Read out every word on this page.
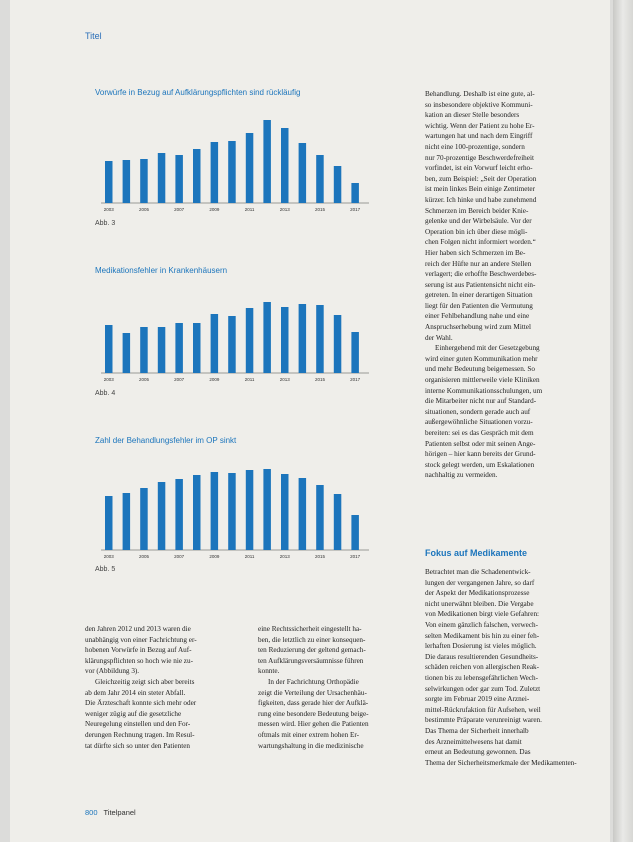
Titel
Vorwürfe in Bezug auf Aufklärungspflichten sind rückläufig
2003	2005	2007	2009	2011	2013	2015	2017
Abb. 3
Medikationsfehler in Krankenhäusern
2003	2005	2007	2009	2011	2013	2015	2017
Abb. 4
Zahl der Behandlungsfehler im OP sinkt
2003	2005	2007	2009	2011	2013	2015	2017
Abb. 5
den Jahren 2012 und 2013 waren die
unabhängig von einer Fachrichtung er-
hobenen Vorwürfe in Bezug auf Auf-
klärungspflichten so hoch wie nie zu-
vor (Abbildung 3).
Gleichzeitig zeigt sich aber bereits
ab dem Jahr 2014 ein steter Abfall.
Die Ärzteschaft konnte sich mehr oder
weniger zügig auf die gesetzliche
Neuregelung einstellen und den For-
derungen Rechnung tragen. Im Resul-
tat dürfte sich so unter den Patienten
eine Rechtssicherheit eingestellt ha-
ben, die letztlich zu einer konsequen-
ten Reduzierung der geltend gemach-
ten Aufklärungsversäumnisse führen
konnte.
In der Fachrichtung Orthopädie
zeigt die Verteilung der Ursachenhäu-
figkeiten, dass gerade hier der Aufklä-
rung eine besondere Bedeutung beige-
messen wird. Hier gehen die Patienten
oftmals mit einer extrem hohen Er-
wartungshaltung in die medizinische
Behandlung. Deshalb ist eine gute, al-
so insbesondere objektive Kommuni-
kation an dieser Stelle besonders
wichtig. Wenn der Patient zu hohe Er-
wartungen hat und nach dem Eingriff
nicht eine 100-prozentige, sondern
nur 70-prozentige Beschwerdefreiheit
vorfindet, ist ein Vorwurf leicht erho-
ben, zum Beispiel: „Seit der Operation
ist mein linkes Bein einige Zentimeter
kürzer. Ich hinke und habe zunehmend
Schmerzen im Bereich beider Knie-
gelenke und der Wirbelsäule. Vor der
Operation bin ich über diese mögli-
chen Folgen nicht informiert worden.“
Hier haben sich Schmerzen im Be-
reich der Hüfte nur an andere Stellen
verlagert; die erhoffte Beschwerdebes-
serung ist aus Patientensicht nicht ein-
getreten. In einer derartigen Situation
liegt für den Patienten die Vermutung
einer Fehlbehandlung nahe und eine
Anspruchserhebung wird zum Mittel
der Wahl.
Einhergehend mit der Gesetzgebung
wird einer guten Kommunikation mehr
und mehr Bedeutung beigemessen. So
organisieren mittlerweile viele Kliniken
interne Kommunikationsschulungen, um
die Mitarbeiter nicht nur auf Standard-
situationen, sondern gerade auch auf
außergewöhnliche Situationen vorzu-
bereiten: sei es das Gespräch mit dem
Patienten selbst oder mit seinen Ange-
hörigen – hier kann bereits der Grund-
stock gelegt werden, um Eskalationen
nachhaltig zu vermeiden.
Fokus auf Medikamente
Betrachtet man die Schadenentwick-
lungen der vergangenen Jahre, so darf
der Aspekt der Medikationsprozesse
nicht unerwähnt bleiben. Die Vergabe
von Medikationen birgt viele Gefahren:
Von einem gänzlich falschen, verwech-
selten Medikament bis hin zu einer feh-
lerhaften Dosierung ist vieles möglich.
Die daraus resultierenden Gesundheits-
schäden reichen von allergischen Reak-
tionen bis zu lebensgefährlichen Wech-
selwirkungen oder gar zum Tod. Zuletzt
sorgte im Februar 2019 eine Arznei-
mittel-Rückrufaktion für Aufsehen, weil
bestimmte Präparate verunreinigt waren.
Das Thema der Sicherheit innerhalb
des Arzneimittelwesens hat damit
erneut an Bedeutung gewonnen. Das
Thema der Sicherheitsmerkmale der Medikamenten-
800 Titelpanel
